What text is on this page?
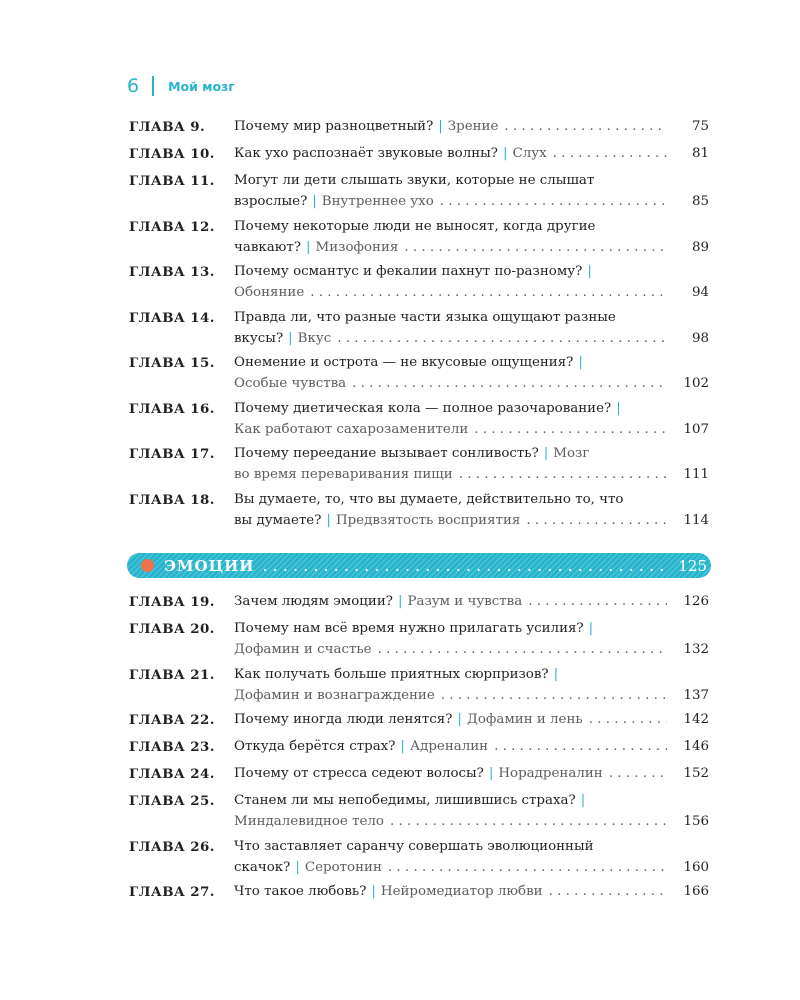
6 Мой мозг
ГЛАВА 9. Почему мир разноцветный? | Зрение . . .	75
ГЛАВА 10. Как ухо распознаёт звуковые волны? | Слух . . .	81
ГЛАВА 11. Могут ли дети слышать звуки, которые не слышат
взрослые? | Внутреннее ухо . . .	85
ГЛАВА 12. Почему некоторые люди не выносят, когда другие
чавкают? | Мизофония . . .	89
ГЛАВА 13. Почему османтус и фекалии пахнут по-разному? |
Обоняние . . .	94
ГЛАВА 14. Правда ли, что разные части языка ощущают разные
вкусы? | Вкус . . .	98
ГЛАВА 15. Онемение и острота — не вкусовые ощущения? |
Особые чувства . . .	102
ГЛАВА 16. Почему диетическая кола — полное разочарование? |
Как работают сахарозаменители . . .	107
ГЛАВА 17. Почему переедание вызывает сонливость? | Мозг
во время переваривания пищи . . .	111
ГЛАВА 18. Вы думаете, то, что вы думаете, действительно то, что
вы думаете? | Предвзятость восприятия . . .	114
ЭМОЦИИ . . .	125
ГЛАВА 19. Зачем людям эмоции? | Разум и чувства . . .	126
ГЛАВА 20. Почему нам всё время нужно прилагать усилия? |
Дофамин и счастье . . .	132
ГЛАВА 21. Как получать больше приятных сюрпризов? |
Дофамин и вознаграждение . . .	137
ГЛАВА 22. Почему иногда люди ленятся? | Дофамин и лень . . .	142
ГЛАВА 23. Откуда берётся страх? | Адреналин . . .	146
ГЛАВА 24. Почему от стресса седеют волосы? | Норадреналин . . .	152
ГЛАВА 25. Станем ли мы непобедимы, лишившись страха? |
Миндалевидное тело . . .	156
ГЛАВА 26. Что заставляет саранчу совершать эволюционный
скачок? | Серотонин . . .	160
ГЛАВА 27. Что такое любовь? | Нейромедиатор любви . . .	166
